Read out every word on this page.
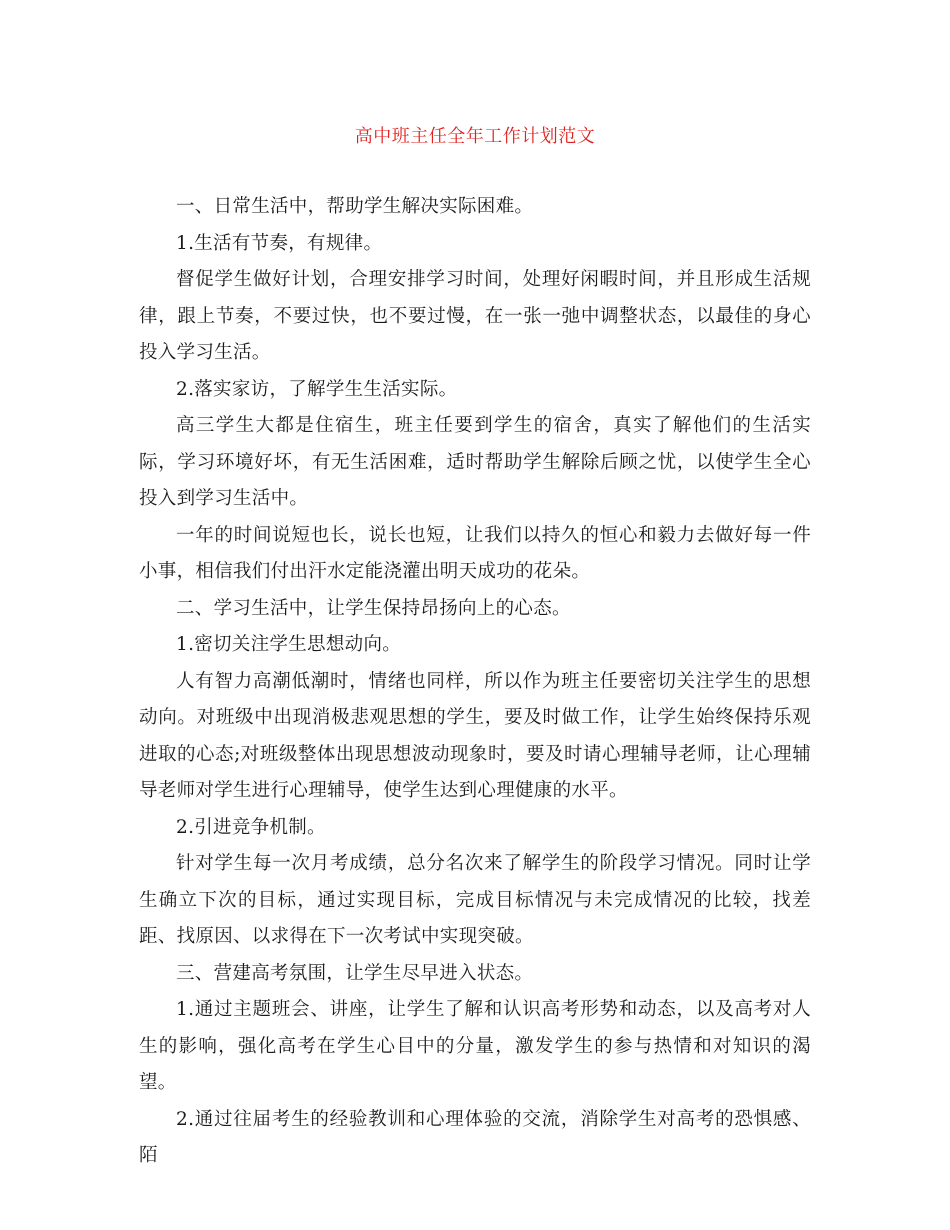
高中班主任全年工作计划范文

一、日常生活中，帮助学生解决实际困难。

1.生活有节奏，有规律。

督促学生做好计划，合理安排学习时间，处理好闲暇时间，并且形成生活规律，跟上节奏，不要过快，也不要过慢，在一张一弛中调整状态，以最佳的身心投入学习生活。

2.落实家访，了解学生生活实际。

高三学生大都是住宿生，班主任要到学生的宿舍，真实了解他们的生活实际，学习环境好坏，有无生活困难，适时帮助学生解除后顾之忧，以使学生全心投入到学习生活中。

一年的时间说短也长，说长也短，让我们以持久的恒心和毅力去做好每一件小事，相信我们付出汗水定能浇灌出明天成功的花朵。

二、学习生活中，让学生保持昂扬向上的心态。

1.密切关注学生思想动向。

人有智力高潮低潮时，情绪也同样，所以作为班主任要密切关注学生的思想动向。对班级中出现消极悲观思想的学生，要及时做工作，让学生始终保持乐观进取的心态;对班级整体出现思想波动现象时，要及时请心理辅导老师，让心理辅导老师对学生进行心理辅导，使学生达到心理健康的水平。

2.引进竞争机制。

针对学生每一次月考成绩，总分名次来了解学生的阶段学习情况。同时让学生确立下次的目标，通过实现目标，完成目标情况与未完成情况的比较，找差距、找原因、以求得在下一次考试中实现突破。

三、营建高考氛围，让学生尽早进入状态。

1.通过主题班会、讲座，让学生了解和认识高考形势和动态，以及高考对人生的影响，强化高考在学生心目中的分量，激发学生的参与热情和对知识的渴望。

2.通过往届考生的经验教训和心理体验的交流，消除学生对高考的恐惧感、陌
